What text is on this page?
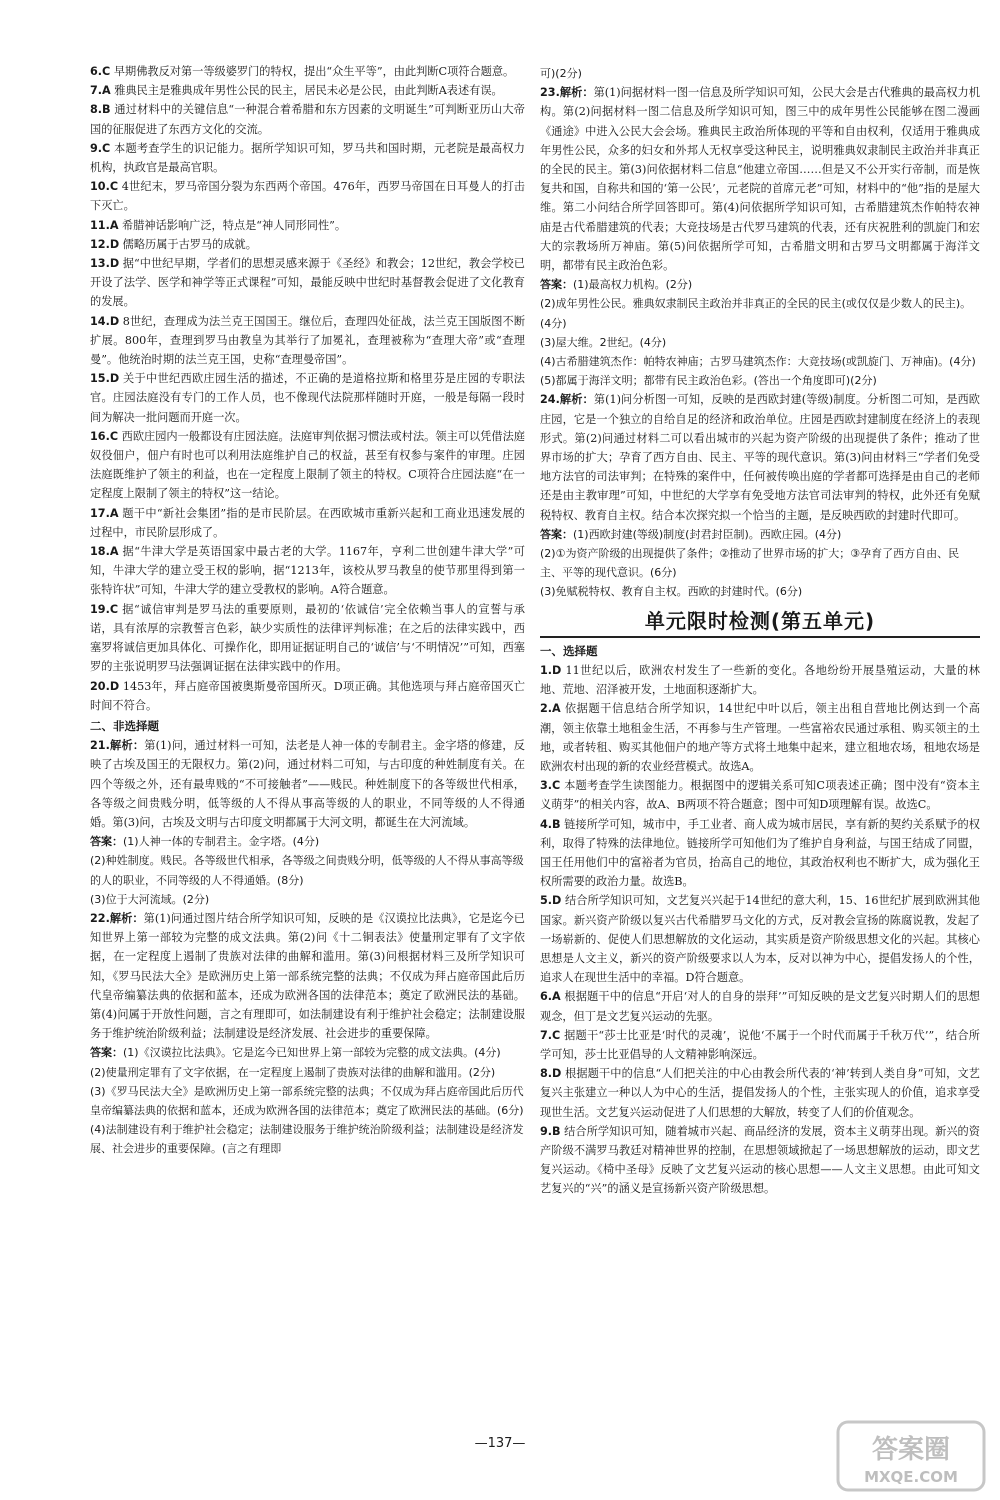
6.C 早期佛教反对第一等级婆罗门的特权，提出“众生平等”，由此判断C项符合题意。

7.A 雅典民主是雅典成年男性公民的民主，居民未必是公民，由此判断A表述有误。

8.B 通过材料中的关键信息“一种混合着希腊和东方因素的文明诞生”可判断亚历山大帝国的征服促进了东西方文化的交流。

9.C 本题考查学生的识记能力。据所学知识可知，罗马共和国时期，元老院是最高权力机构，执政官是最高官职。

10.C 4世纪末，罗马帝国分裂为东西两个帝国。476年，西罗马帝国在日耳曼人的打击下灭亡。

11.A 希腊神话影响广泛，特点是“神人同形同性”。

12.D 儒略历属于古罗马的成就。

13.D 据“中世纪早期，学者们的思想灵感来源于《圣经》和教会；12世纪，教会学校已开设了法学、医学和神学等正式课程”可知，最能反映中世纪时基督教会促进了文化教育的发展。

14.D 8世纪，查理成为法兰克王国国王。继位后，查理四处征战，法兰克王国版图不断扩展。800年，查理到罗马由教皇为其举行了加冕礼，查理被称为“查理大帝”或“查理曼”。他统治时期的法兰克王国，史称“查理曼帝国”。

15.D 关于中世纪西欧庄园生活的描述，不正确的是道格拉斯和格里芬是庄园的专职法官。庄园法庭没有专门的工作人员，也不像现代法院那样随时开庭，一般是每隔一段时间为解决一批问题而开庭一次。

16.C 西欧庄园内一般都设有庄园法庭。法庭审判依据习惯法或村法。领主可以凭借法庭奴役佃户，佃户有时也可以利用法庭维护自己的权益，甚至有权参与案件的审理。庄园法庭既维护了领主的利益，也在一定程度上限制了领主的特权。C项符合庄园法庭“在一定程度上限制了领主的特权”这一结论。

17.A 题干中“新社会集团”指的是市民阶层。在西欧城市重新兴起和工商业迅速发展的过程中，市民阶层形成了。

18.A 据“牛津大学是英语国家中最古老的大学。1167年，亨利二世创建牛津大学”可知，牛津大学的建立受王权的影响，据“1213年，该校从罗马教皇的使节那里得到第一张特许状”可知，牛津大学的建立受教权的影响。A符合题意。

19.C 据“诚信审判是罗马法的重要原则，最初的‘依诚信’完全依赖当事人的宣誓与承诺，具有浓厚的宗教誓言色彩，缺少实质性的法律评判标准；在之后的法律实践中，西塞罗将诚信更加具体化、可操作化，即用证据证明自己的‘诚信’与‘不明情况’”可知，西塞罗的主张说明罗马法强调证据在法律实践中的作用。

20.D 1453年，拜占庭帝国被奥斯曼帝国所灭。D项正确。其他选项与拜占庭帝国灭亡时间不符合。

二、非选择题

21.解析：第(1)问，通过材料一可知，法老是人神一体的专制君主。金字塔的修建，反映了古埃及国王的无限权力。第(2)问，通过材料二可知，与古印度的种姓制度有关。在四个等级之外，还有最卑贱的“不可接触者”——贱民。种姓制度下的各等级世代相承，各等级之间贵贱分明，低等级的人不得从事高等级的人的职业，不同等级的人不得通婚。第(3)问，古埃及文明与古印度文明都属于大河文明，都诞生在大河流域。

答案：(1)人神一体的专制君主。金字塔。(4分)

(2)种姓制度。贱民。各等级世代相承，各等级之间贵贱分明，低等级的人不得从事高等级的人的职业，不同等级的人不得通婚。(8分)

(3)位于大河流域。(2分)

22.解析：第(1)问通过图片结合所学知识可知，反映的是《汉谟拉比法典》，它是迄今已知世界上第一部较为完整的成文法典。第(2)问《十二铜表法》使量刑定罪有了文字依据，在一定程度上遏制了贵族对法律的曲解和滥用。第(3)问根据材料三及所学知识可知，《罗马民法大全》是欧洲历史上第一部系统完整的法典；不仅成为拜占庭帝国此后历代皇帝编纂法典的依据和蓝本，还成为欧洲各国的法律范本；奠定了欧洲民法的基础。第(4)问属于开放性问题，言之有理即可，如法制建设有利于维护社会稳定；法制建设服务于维护统治阶级利益；法制建设是经济发展、社会进步的重要保障。

答案：(1)《汉谟拉比法典》。它是迄今已知世界上第一部较为完整的成文法典。(4分)

(2)使量刑定罪有了文字依据，在一定程度上遏制了贵族对法律的曲解和滥用。(2分)

(3)《罗马民法大全》是欧洲历史上第一部系统完整的法典；不仅成为拜占庭帝国此后历代皇帝编纂法典的依据和蓝本，还成为欧洲各国的法律范本；奠定了欧洲民法的基础。(6分)

(4)法制建设有利于维护社会稳定；法制建设服务于维护统治阶级利益；法制建设是经济发展、社会进步的重要保障。(言之有理即

可)(2分)

23.解析：第(1)问据材料一图一信息及所学知识可知，公民大会是古代雅典的最高权力机构。第(2)问据材料一图二信息及所学知识可知，图三中的成年男性公民能够在图二漫画《通途》中进入公民大会会场。雅典民主政治所体现的平等和自由权利，仅适用于雅典成年男性公民，众多的妇女和外邦人无权享受这种民主，说明雅典奴隶制民主政治并非真正的全民的民主。第(3)问依据材料二信息“他建立帝国……但是又不公开实行帝制，而是恢复共和国，自称共和国的‘第一公民’，元老院的首席元老”可知，材料中的“他”指的是屋大维。第二小问结合所学回答即可。第(4)问依据所学知识可知，古希腊建筑杰作帕特农神庙是古代希腊建筑的代表；大竞技场是古代罗马建筑的代表，还有庆祝胜利的凯旋门和宏大的宗教场所万神庙。第(5)问依据所学可知，古希腊文明和古罗马文明都属于海洋文明，都带有民主政治色彩。

答案：(1)最高权力机构。(2分)

(2)成年男性公民。雅典奴隶制民主政治并非真正的全民的民主(或仅仅是少数人的民主)。(4分)

(3)屋大维。2世纪。(4分)

(4)古希腊建筑杰作：帕特农神庙；古罗马建筑杰作：大竞技场(或凯旋门、万神庙)。(4分)

(5)都属于海洋文明；都带有民主政治色彩。(答出一个角度即可)(2分)

24.解析：第(1)问分析图一可知，反映的是西欧封建(等级)制度。分析图二可知，是西欧庄园，它是一个独立的自给自足的经济和政治单位。庄园是西欧封建制度在经济上的表现形式。第(2)问通过材料二可以看出城市的兴起为资产阶级的出现提供了条件；推动了世界市场的扩大；孕育了西方自由、民主、平等的现代意识。第(3)问由材料三“学者们免受地方法官的司法审判；在特殊的案件中，任何被传唤出庭的学者都可选择是由自己的老师还是由主教审理”可知，中世纪的大学享有免受地方法官司法审判的特权，此外还有免赋税特权、教育自主权。结合本次探究拟一个恰当的主题，是反映西欧的封建时代即可。

答案：(1)西欧封建(等级)制度(封君封臣制)。西欧庄园。(4分)

(2)①为资产阶级的出现提供了条件；②推动了世界市场的扩大；③孕育了西方自由、民主、平等的现代意识。(6分)

(3)免赋税特权、教育自主权。西欧的封建时代。(6分)

单元限时检测(第五单元)

一、选择题

1.D 11世纪以后，欧洲农村发生了一些新的变化。各地纷纷开展垦殖运动，大量的林地、荒地、沼泽被开发，土地面积逐渐扩大。

2.A 依据题干信息结合所学知识，14世纪中叶以后，领主出租自营地比例达到一个高潮，领主依靠土地租金生活，不再参与生产管理。一些富裕农民通过承租、购买领主的土地，或者转租、购买其他佃户的地产等方式将土地集中起来，建立租地农场，租地农场是欧洲农村出现的新的农业经营模式。故选A。

3.C 本题考查学生读图能力。根据图中的逻辑关系可知C项表述正确；图中没有“资本主义萌芽”的相关内容，故A、B两项不符合题意；图中可知D项理解有误。故选C。

4.B 链接所学可知，城市中，手工业者、商人成为城市居民，享有新的契约关系赋予的权利，取得了特殊的法律地位。链接所学可知他们为了维护自身利益，与国王结成了同盟，国王任用他们中的富裕者为官员，抬高自己的地位，其政治权利也不断扩大，成为强化王权所需要的政治力量。故选B。

5.D 结合所学知识可知，文艺复兴兴起于14世纪的意大利，15、16世纪扩展到欧洲其他国家。新兴资产阶级以复兴古代希腊罗马文化的方式，反对教会宣扬的陈腐说教，发起了一场崭新的、促使人们思想解放的文化运动，其实质是资产阶级思想文化的兴起。其核心思想是人文主义，新兴的资产阶级要求以人为本，反对以神为中心，提倡发扬人的个性，追求人在现世生活中的幸福。D符合题意。

6.A 根据题干中的信息“开启‘对人的自身的崇拜’”可知反映的是文艺复兴时期人们的思想观念，但丁是文艺复兴运动的先驱。

7.C 据题干“莎士比亚是‘时代的灵魂’，说他‘不属于一个时代而属于千秋万代’”，结合所学可知，莎士比亚倡导的人文精神影响深远。

8.D 根据题干中的信息“人们把关注的中心由教会所代表的‘神’转到人类自身”可知，文艺复兴主张建立一种以人为中心的生活，提倡发扬人的个性，主张实现人的价值，追求享受现世生活。文艺复兴运动促进了人们思想的大解放，转变了人们的价值观念。

9.B 结合所学知识可知，随着城市兴起、商品经济的发展，资本主义萌芽出现。新兴的资产阶级不满罗马教廷对精神世界的控制，在思想领域掀起了一场思想解放的运动，即文艺复兴运动。《椅中圣母》反映了文艺复兴运动的核心思想——人文主义思想。由此可知文艺复兴的“兴”的涵义是宣扬新兴资产阶级思想。

—137—	答案圈
MXQE.COM
